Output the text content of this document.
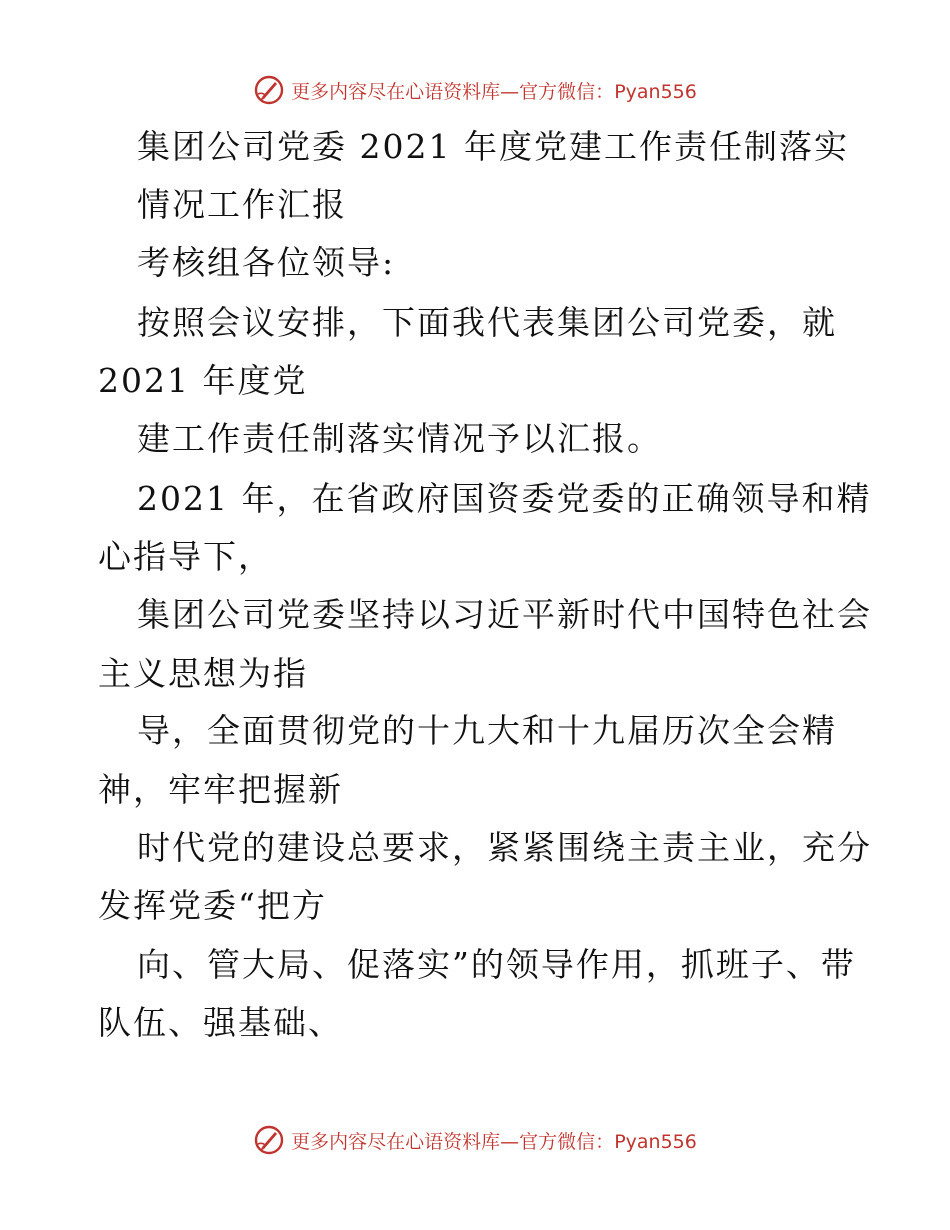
更多内容尽在心语资料库—官方微信：Pyan556
集团公司党委 2021 年度党建工作责任制落实
情况工作汇报
考核组各位领导:
按照会议安排，下面我代表集团公司党委，就
2021 年度党
建工作责任制落实情况予以汇报。
2021 年，在省政府国资委党委的正确领导和精
心指导下，
集团公司党委坚持以习近平新时代中国特色社会
主义思想为指
导，全面贯彻党的十九大和十九届历次全会精
神，牢牢把握新
时代党的建设总要求，紧紧围绕主责主业，充分
发挥党委“把方
向、管大局、促落实”的领导作用，抓班子、带
队伍、强基础、
更多内容尽在心语资料库—官方微信：Pyan556
